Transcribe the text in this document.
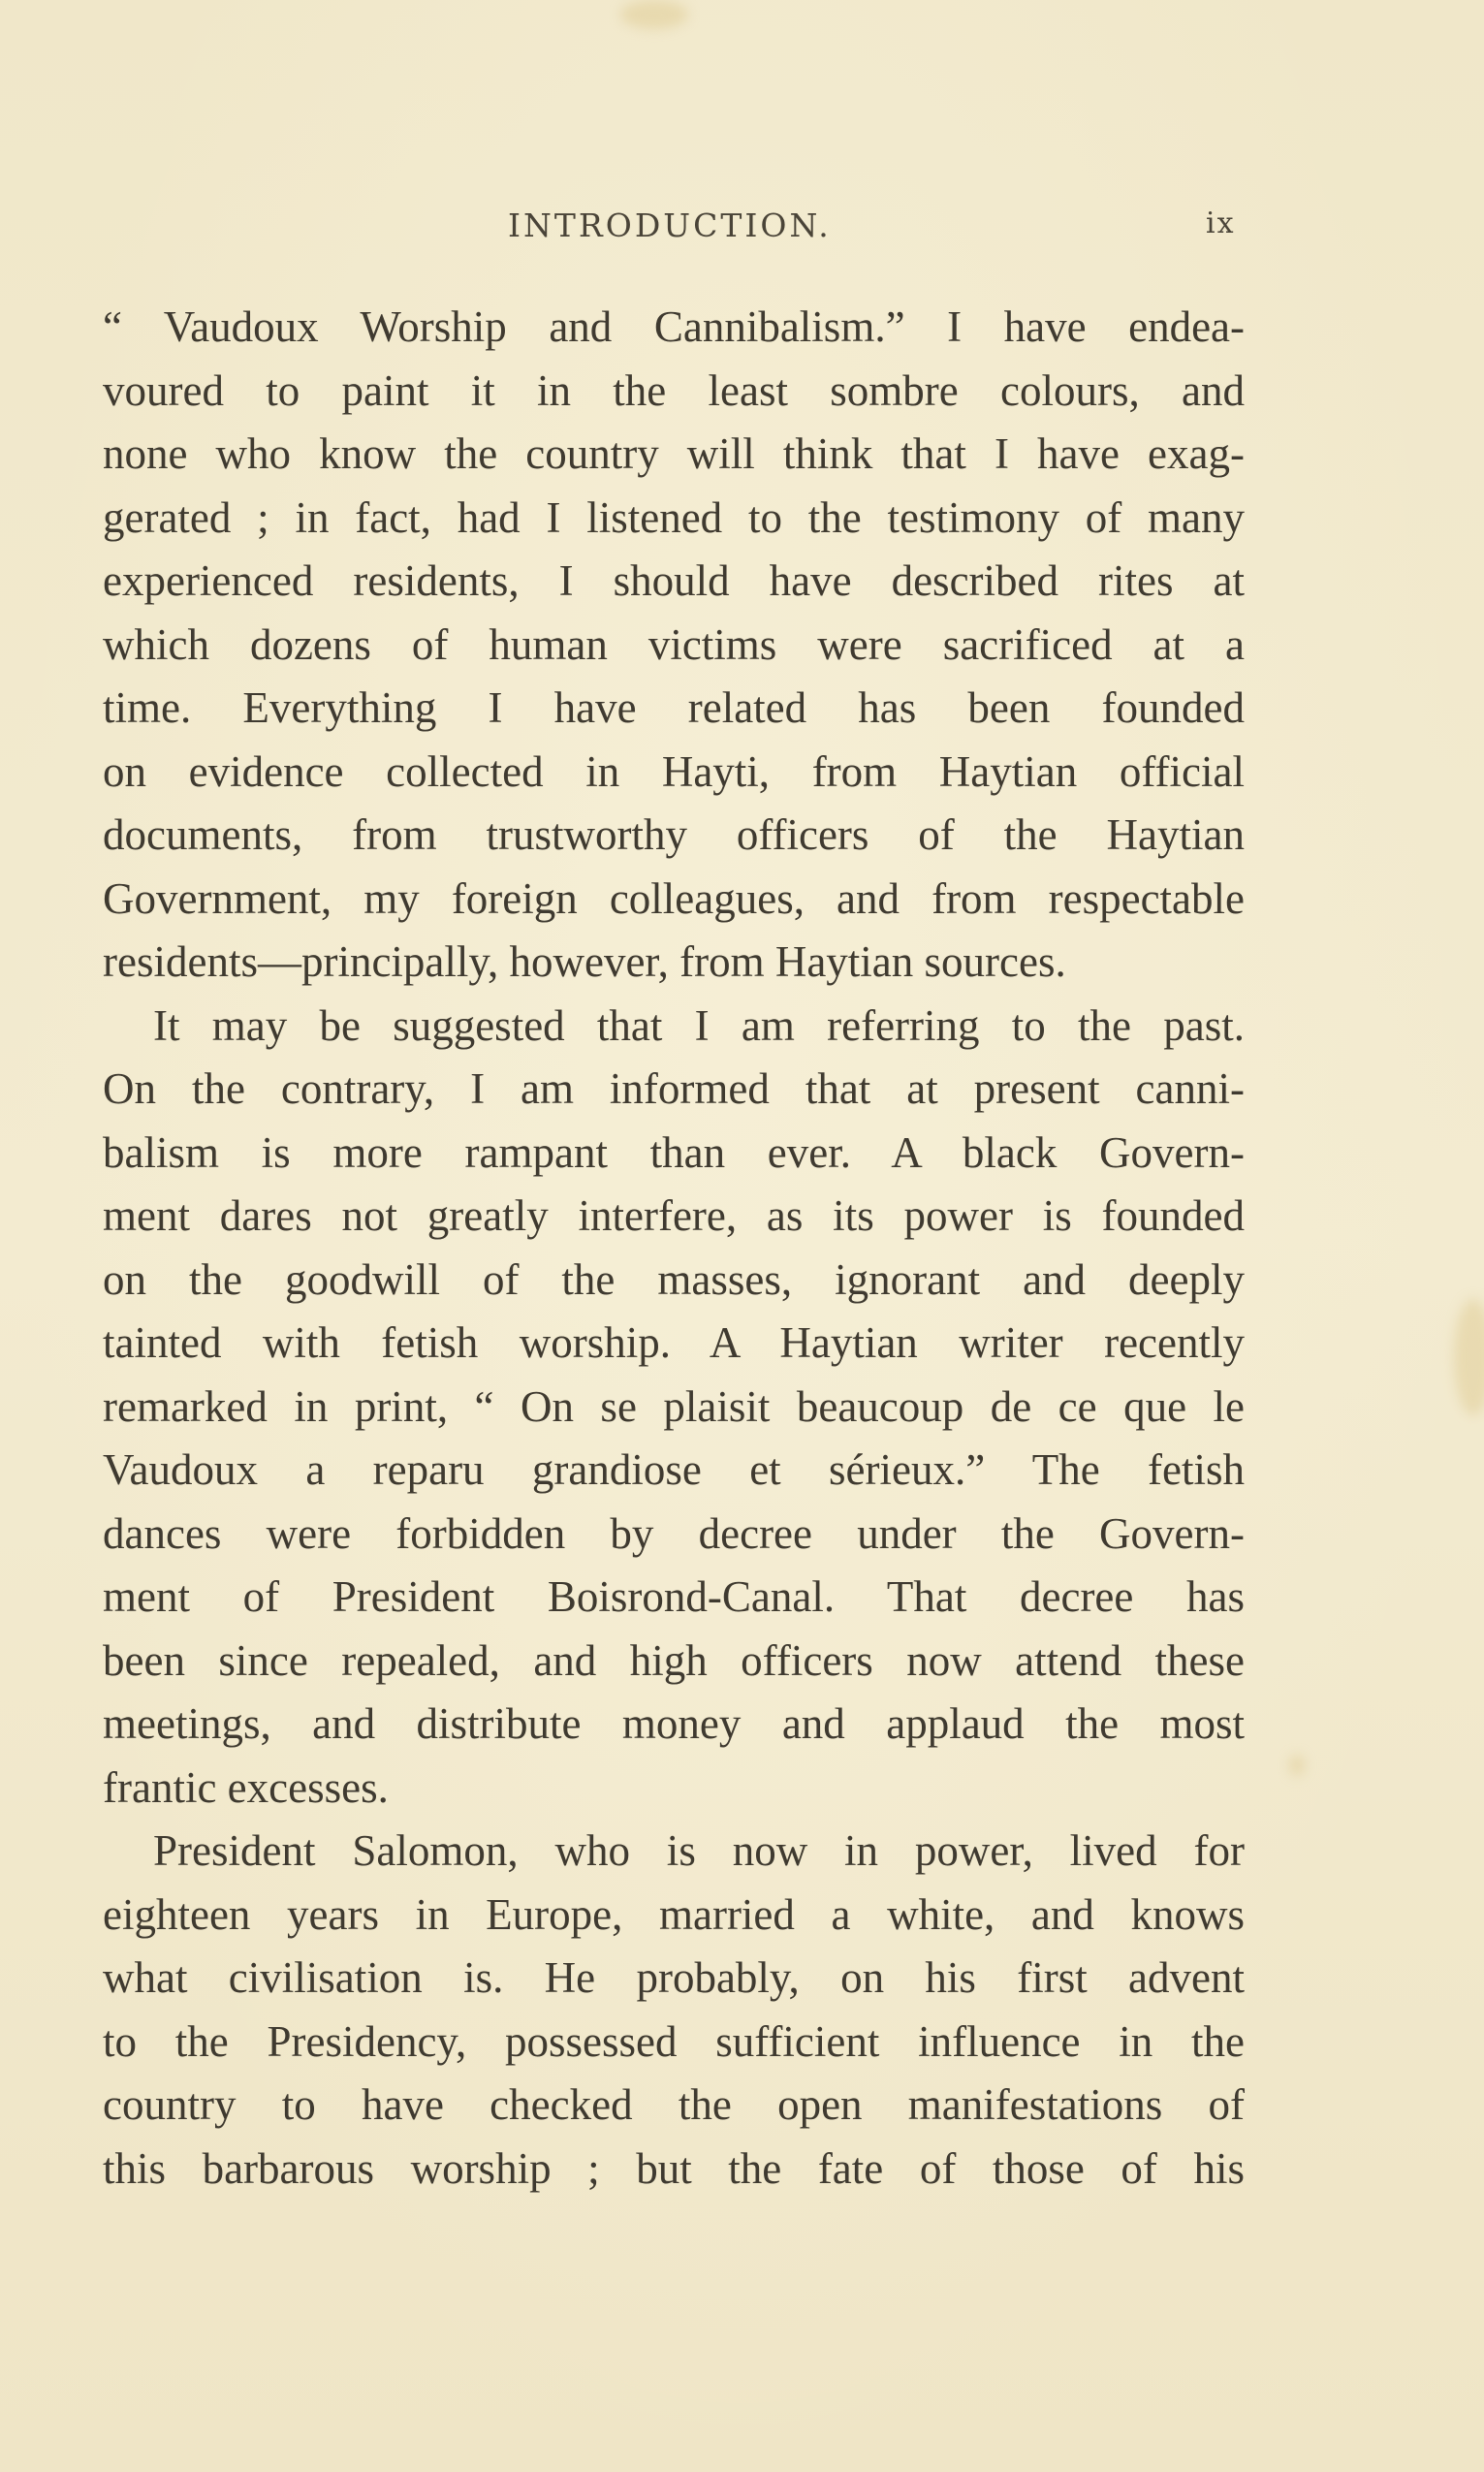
INTRODUCTION.	ix

“ Vaudoux Worship and Cannibalism.” I have endea-
voured to paint it in the least sombre colours, and
none who know the country will think that I have exag-
gerated ; in fact, had I listened to the testimony of many
experienced residents, I should have described rites at
which dozens of human victims were sacrificed at a
time. Everything I have related has been founded
on evidence collected in Hayti, from Haytian official
documents, from trustworthy officers of the Haytian
Government, my foreign colleagues, and from respectable
residents—principally, however, from Haytian sources.

It may be suggested that I am referring to the past.
On the contrary, I am informed that at present canni-
balism is more rampant than ever. A black Govern-
ment dares not greatly interfere, as its power is founded
on the goodwill of the masses, ignorant and deeply
tainted with fetish worship. A Haytian writer recently
remarked in print, “ On se plaisit beaucoup de ce que le
Vaudoux a reparu grandiose et sérieux.” The fetish
dances were forbidden by decree under the Govern-
ment of President Boisrond-Canal. That decree has
been since repealed, and high officers now attend these
meetings, and distribute money and applaud the most
frantic excesses.

President Salomon, who is now in power, lived for
eighteen years in Europe, married a white, and knows
what civilisation is. He probably, on his first advent
to the Presidency, possessed sufficient influence in the
country to have checked the open manifestations of
this barbarous worship ; but the fate of those of his
